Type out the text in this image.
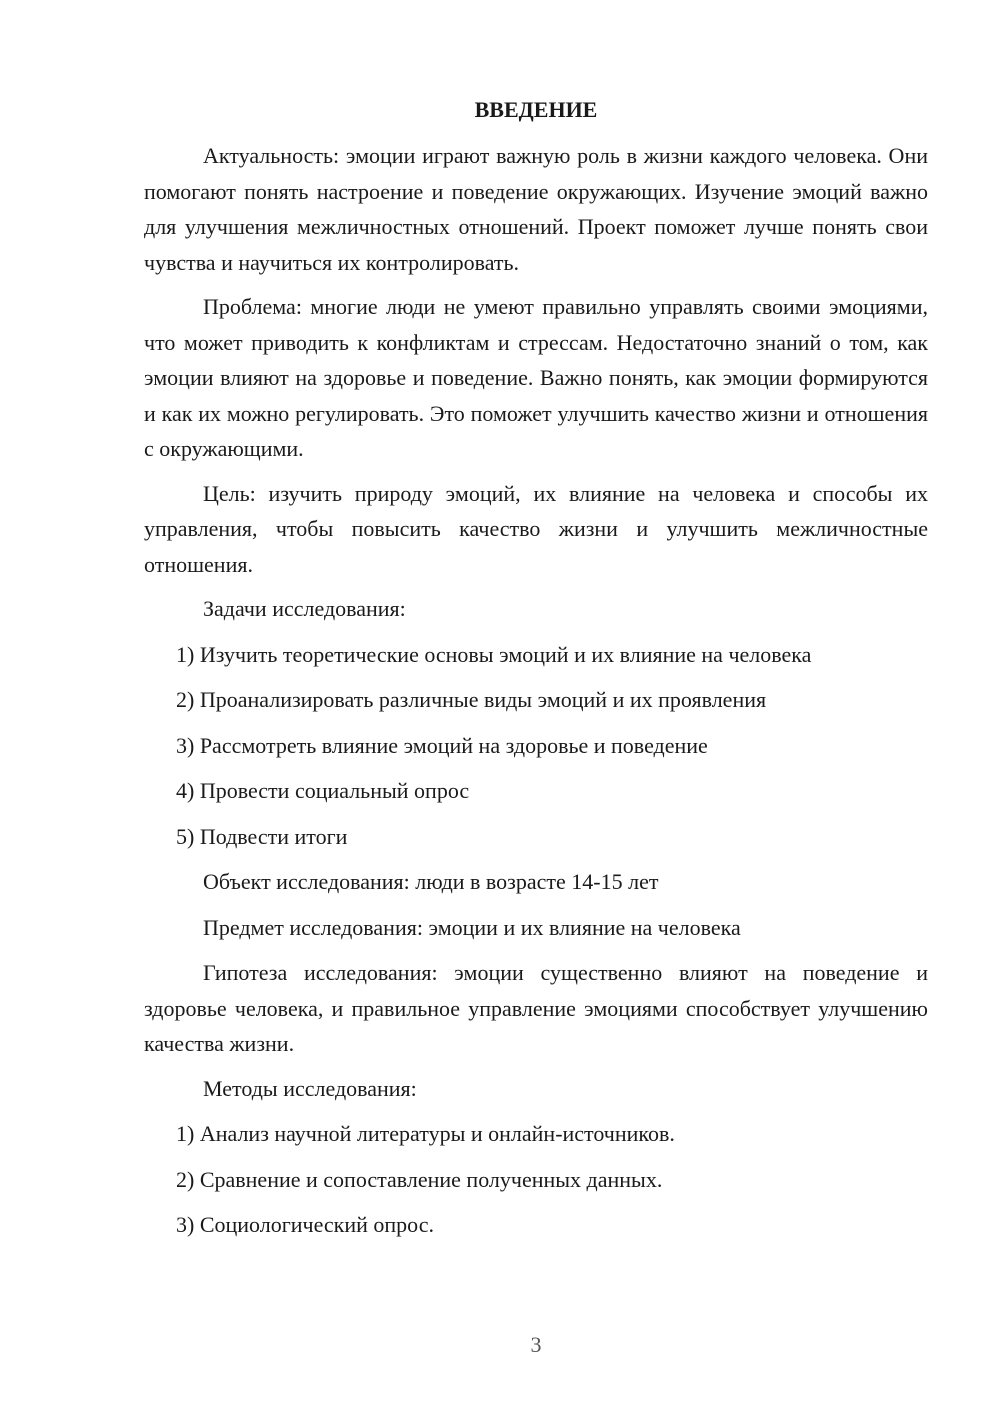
ВВЕДЕНИЕ

Актуальность: эмоции играют важную роль в жизни каждого человека. Они помогают понять настроение и поведение окружающих. Изучение эмоций важно для улучшения межличностных отношений. Проект поможет лучше понять свои чувства и научиться их контролировать.

Проблема: многие люди не умеют правильно управлять своими эмоциями, что может приводить к конфликтам и стрессам. Недостаточно знаний о том, как эмоции влияют на здоровье и поведение. Важно понять, как эмоции формируются и как их можно регулировать. Это поможет улучшить качество жизни и отношения с окружающими.

Цель: изучить природу эмоций, их влияние на человека и способы их управления, чтобы повысить качество жизни и улучшить межличностные отношения.

Задачи исследования:

1) Изучить теоретические основы эмоций и их влияние на человека

2) Проанализировать различные виды эмоций и их проявления

3) Рассмотреть влияние эмоций на здоровье и поведение

4) Провести социальный опрос

5) Подвести итоги

Объект исследования: люди в возрасте 14-15 лет

Предмет исследования: эмоции и их влияние на человека

Гипотеза исследования: эмоции существенно влияют на поведение и здоровье человека, и правильное управление эмоциями способствует улучшению качества жизни.

Методы исследования:

1) Анализ научной литературы и онлайн-источников.

2) Сравнение и сопоставление полученных данных.

3) Социологический опрос.

3
